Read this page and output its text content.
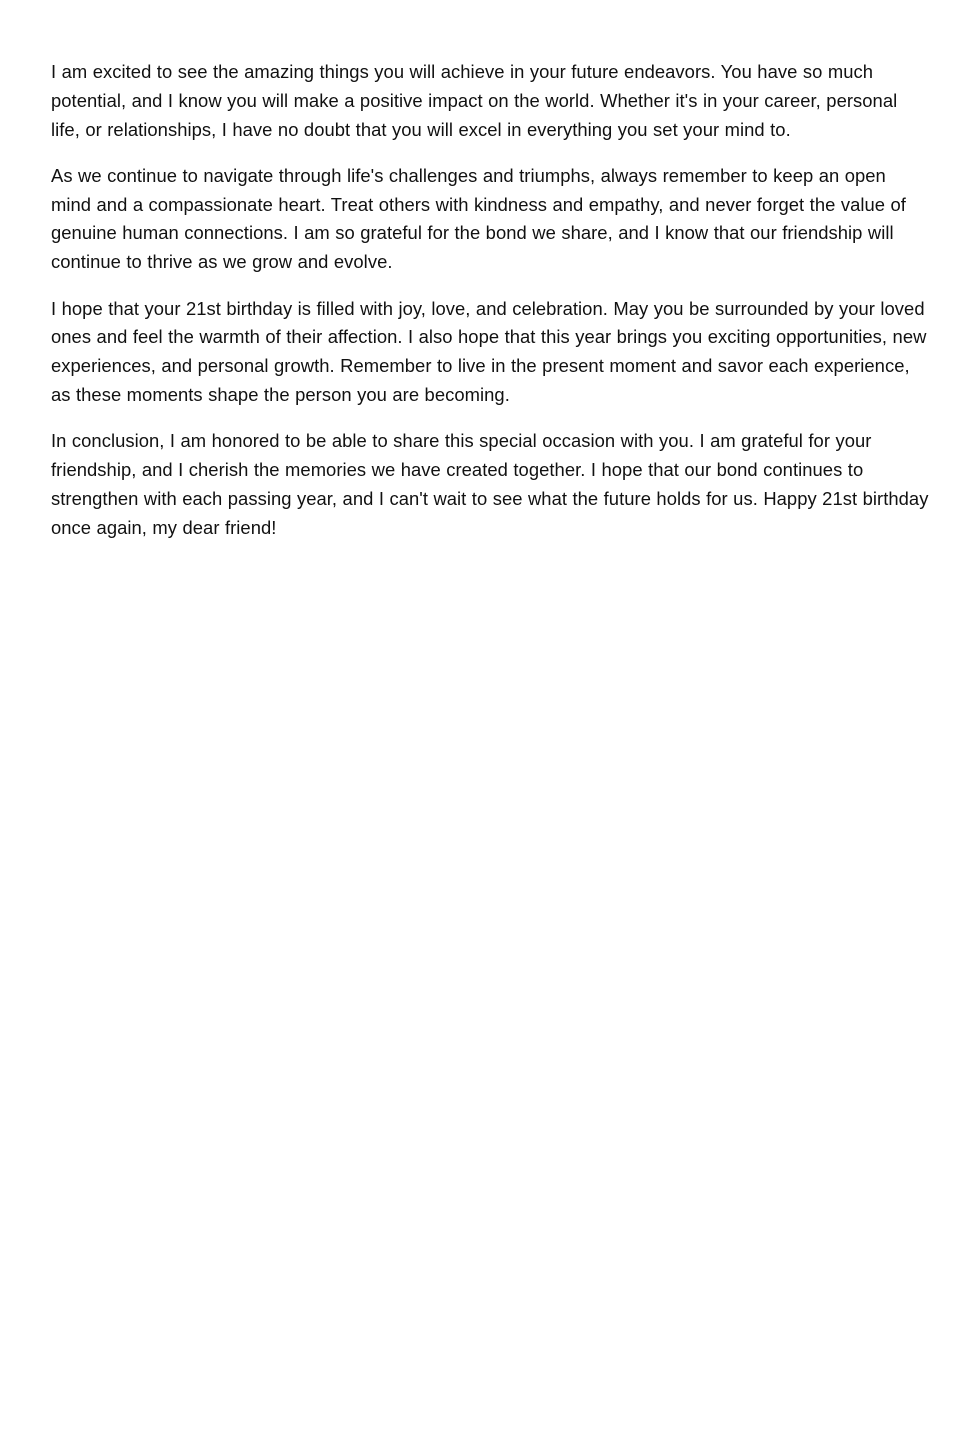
I am excited to see the amazing things you will achieve in your future endeavors. You have so much potential, and I know you will make a positive impact on the world. Whether it's in your career, personal life, or relationships, I have no doubt that you will excel in everything you set your mind to.

As we continue to navigate through life's challenges and triumphs, always remember to keep an open mind and a compassionate heart. Treat others with kindness and empathy, and never forget the value of genuine human connections. I am so grateful for the bond we share, and I know that our friendship will continue to thrive as we grow and evolve.

I hope that your 21st birthday is filled with joy, love, and celebration. May you be surrounded by your loved ones and feel the warmth of their affection. I also hope that this year brings you exciting opportunities, new experiences, and personal growth. Remember to live in the present moment and savor each experience, as these moments shape the person you are becoming.

In conclusion, I am honored to be able to share this special occasion with you. I am grateful for your friendship, and I cherish the memories we have created together. I hope that our bond continues to strengthen with each passing year, and I can't wait to see what the future holds for us. Happy 21st birthday once again, my dear friend!
